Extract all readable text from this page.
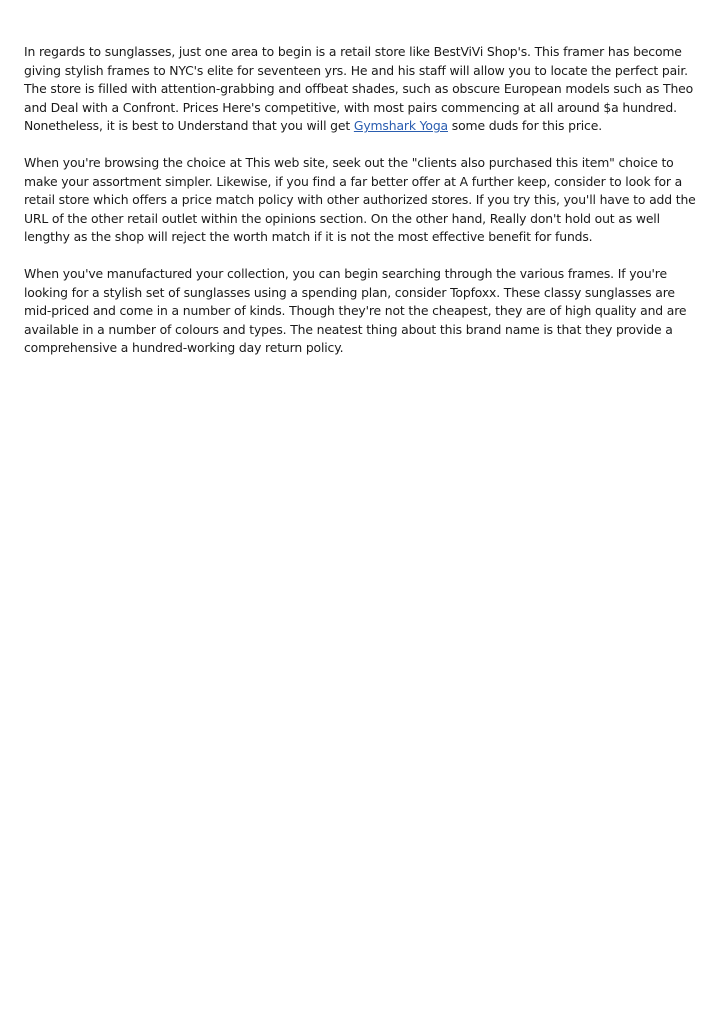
In regards to sunglasses, just one area to begin is a retail store like BestViVi Shop's. This framer has become giving stylish frames to NYC's elite for seventeen yrs. He and his staff will allow you to locate the perfect pair. The store is filled with attention-grabbing and offbeat shades, such as obscure European models such as Theo and Deal with a Confront. Prices Here's competitive, with most pairs commencing at all around $a hundred. Nonetheless, it is best to Understand that you will get Gymshark Yoga some duds for this price.

When you're browsing the choice at This web site, seek out the "clients also purchased this item" choice to make your assortment simpler. Likewise, if you find a far better offer at A further keep, consider to look for a retail store which offers a price match policy with other authorized stores. If you try this, you'll have to add the URL of the other retail outlet within the opinions section. On the other hand, Really don't hold out as well lengthy as the shop will reject the worth match if it is not the most effective benefit for funds.

When you've manufactured your collection, you can begin searching through the various frames. If you're looking for a stylish set of sunglasses using a spending plan, consider Topfoxx. These classy sunglasses are mid-priced and come in a number of kinds. Though they're not the cheapest, they are of high quality and are available in a number of colours and types. The neatest thing about this brand name is that they provide a comprehensive a hundred-working day return policy.
